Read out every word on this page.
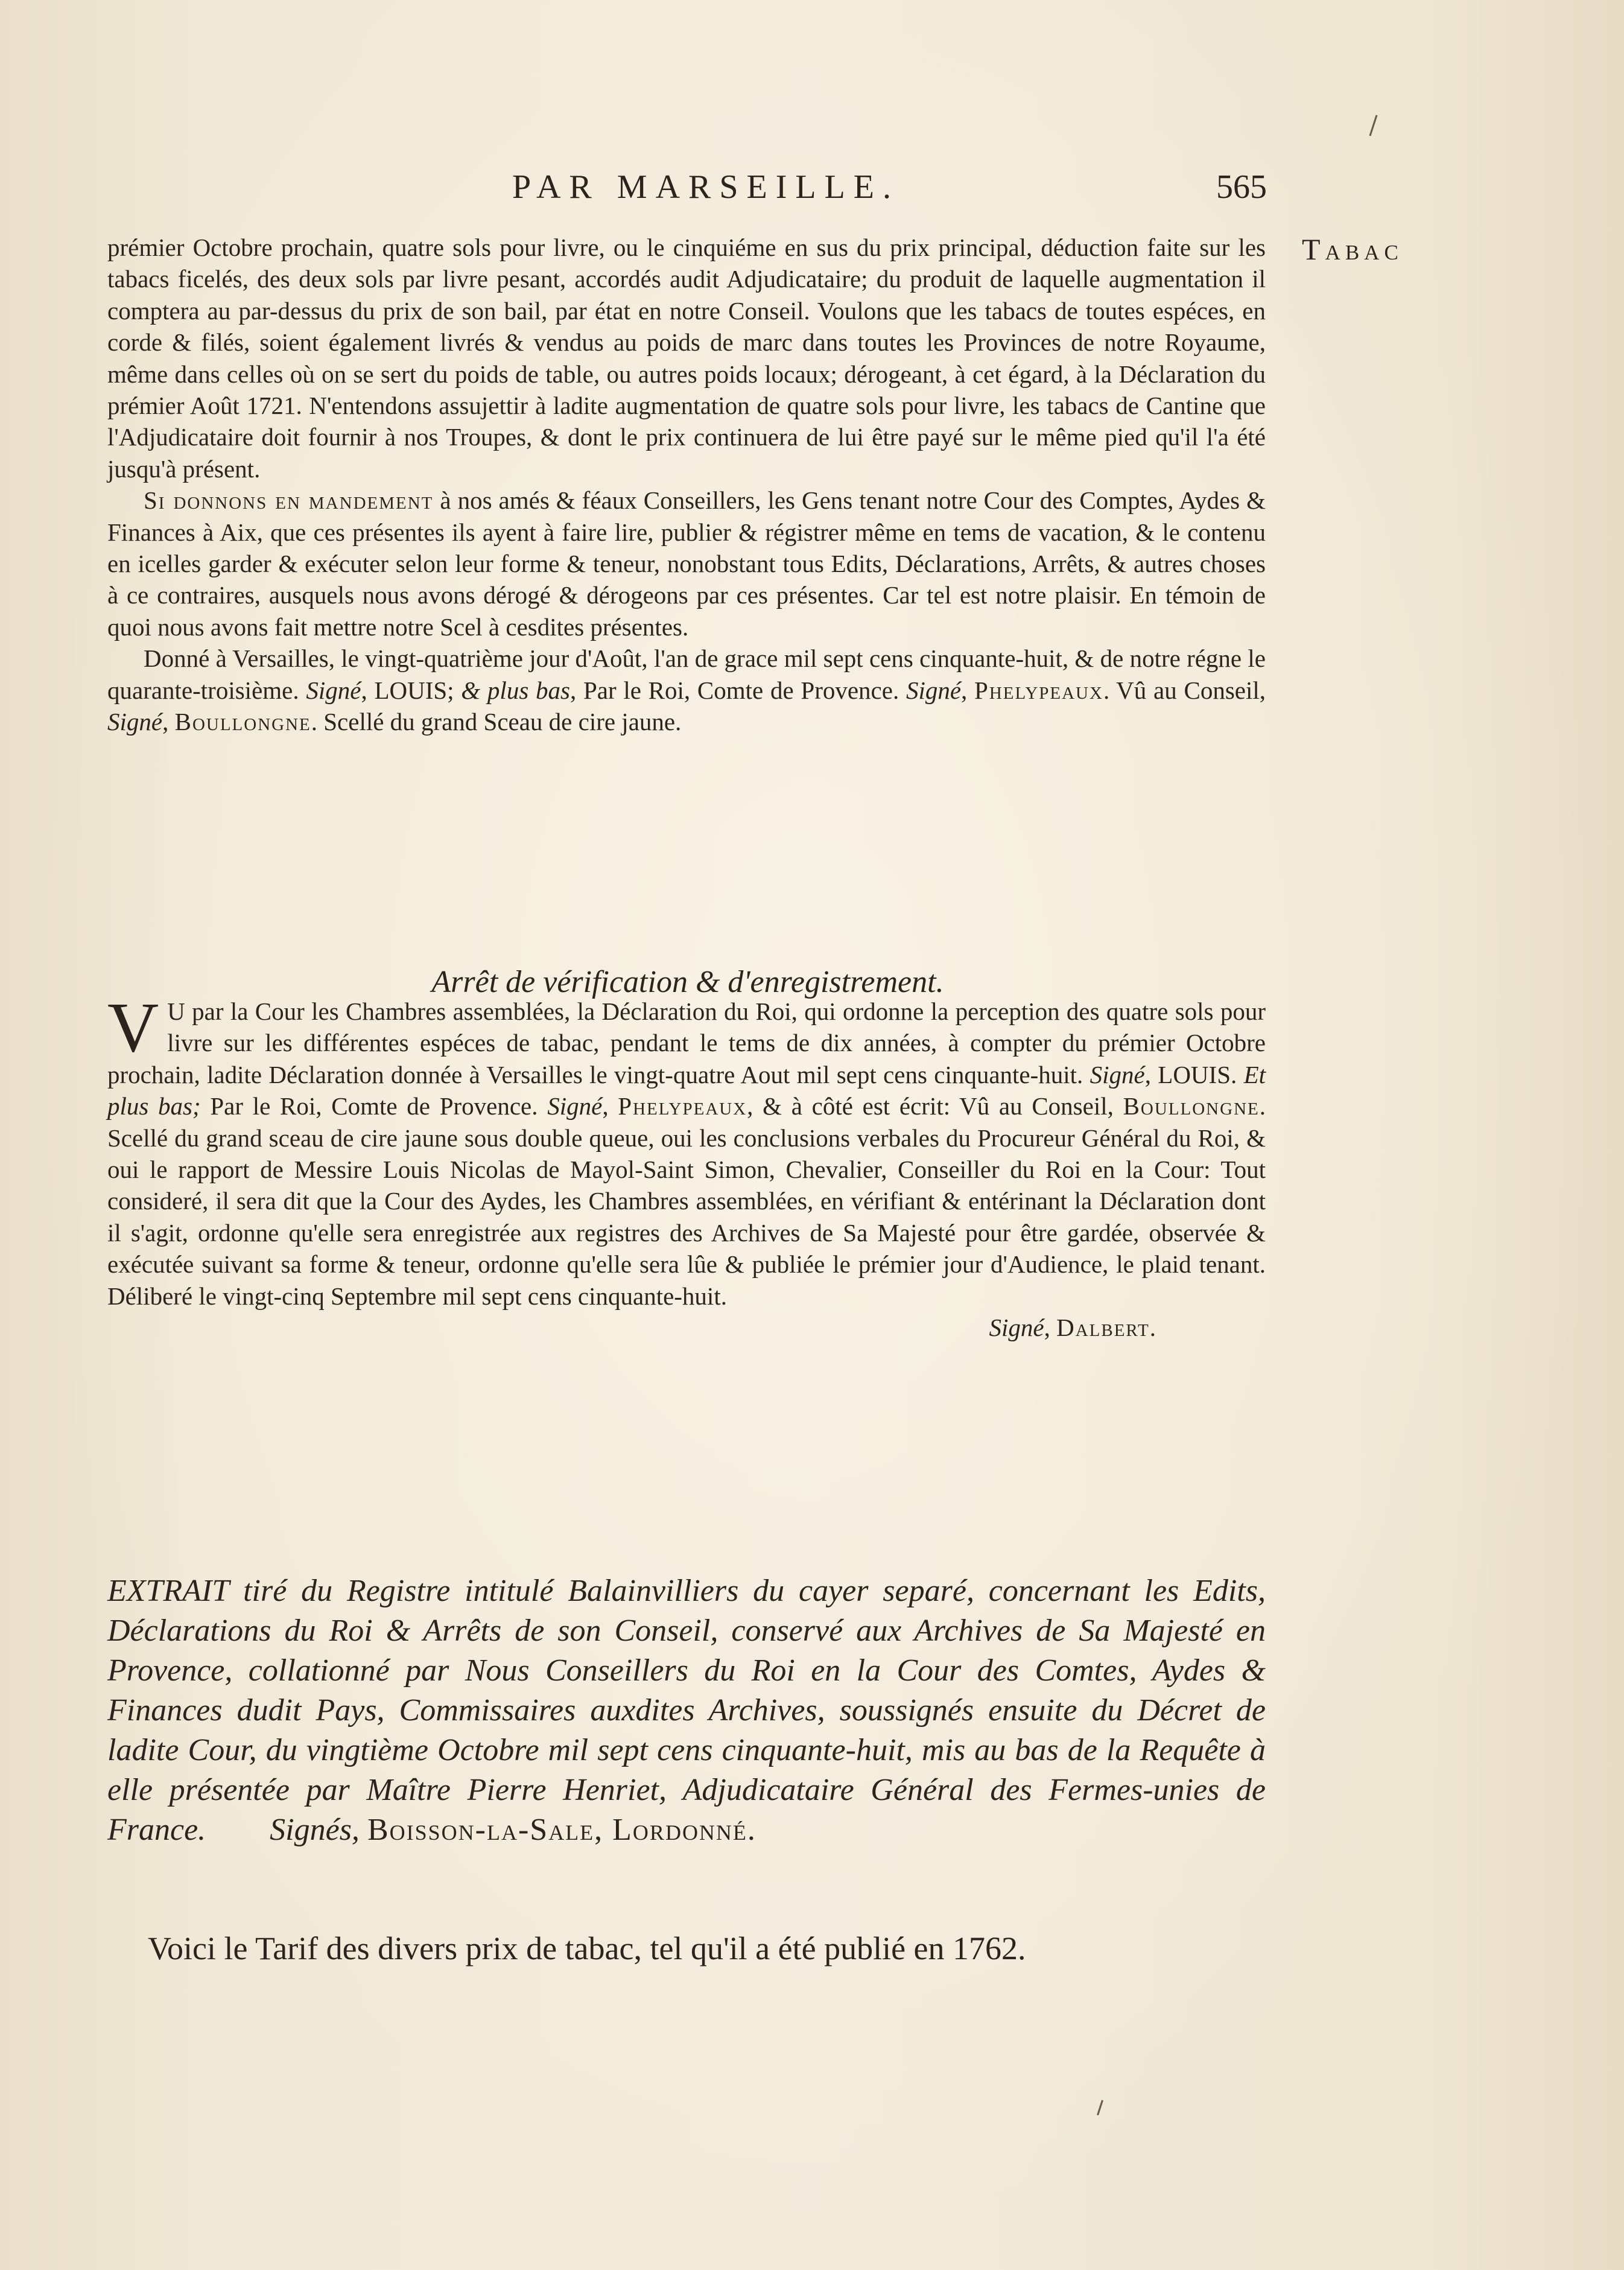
PAR MARSEILLE.	565
Tabac

prémier Octobre prochain, quatre sols pour livre, ou le cinquiéme en sus du prix principal, déduction faite sur les tabacs ficelés, des deux sols par livre pesant, accordés audit Adjudicataire; du produit de laquelle augmentation il comptera au par-dessus du prix de son bail, par état en notre Conseil. Voulons que les tabacs de toutes espéces, en corde & filés, soient également livrés & vendus au poids de marc dans toutes les Provinces de notre Royaume, même dans celles où on se sert du poids de table, ou autres poids locaux; dérogeant, à cet égard, à la Déclaration du prémier Août 1721. N'entendons assujettir à ladite augmentation de quatre sols pour livre, les tabacs de Cantine que l'Adjudicataire doit fournir à nos Troupes, & dont le prix continuera de lui être payé sur le même pied qu'il l'a été jusqu'à présent.

Si donnons en mandement à nos amés & féaux Conseillers, les Gens tenant notre Cour des Comptes, Aydes & Finances à Aix, que ces présentes ils ayent à faire lire, publier & régistrer même en tems de vacation, & le contenu en icelles garder & exécuter selon leur forme & teneur, nonobstant tous Edits, Déclarations, Arrêts, & autres choses à ce contraires, ausquels nous avons dérogé & dérogeons par ces présentes. Car tel est notre plaisir. En témoin de quoi nous avons fait mettre notre Scel à cesdites présentes.

Donné à Versailles, le vingt-quatrième jour d'Août, l'an de grace mil sept cens cinquante-huit, & de notre régne le quarante-troisième. Signé, LOUIS; & plus bas, Par le Roi, Comte de Provence. Signé, Phelypeaux. Vû au Conseil, Signé, Boullongne. Scellé du grand Sceau de cire jaune.

Arrêt de vérification & d'enregistrement.

V U par la Cour les Chambres assemblées, la Déclaration du Roi, qui ordonne la perception des quatre sols pour livre sur les différentes espéces de tabac, pendant le tems de dix années, à compter du prémier Octobre prochain, ladite Déclaration donnée à Versailles le vingt-quatre Aout mil sept cens cinquante-huit. Signé, LOUIS. Et plus bas; Par le Roi, Comte de Provence. Signé, Phelypeaux, & à côté est écrit: Vû au Conseil, Boullongne. Scellé du grand sceau de cire jaune sous double queue, oui les conclusions verbales du Procureur Général du Roi, & oui le rapport de Messire Louis Nicolas de Mayol-Saint Simon, Chevalier, Conseiller du Roi en la Cour: Tout consideré, il sera dit que la Cour des Aydes, les Chambres assemblées, en vérifiant & entérinant la Déclaration dont il s'agit, ordonne qu'elle sera enregistrée aux registres des Archives de Sa Majesté pour être gardée, observée & exécutée suivant sa forme & teneur, ordonne qu'elle sera lûe & publiée le prémier jour d'Audience, le plaid tenant. Déliberé le vingt-cinq Septembre mil sept cens cinquante-huit.

Signé, Dalbert.

EXTRAIT tiré du Registre intitulé Balainvilliers du cayer separé, concernant les Edits, Déclarations du Roi & Arrêts de son Conseil, conservé aux Archives de Sa Majesté en Provence, collationné par Nous Conseillers du Roi en la Cour des Comtes, Aydes & Finances dudit Pays, Commissaires auxdites Archives, soussignés ensuite du Décret de ladite Cour, du vingtième Octobre mil sept cens cinquante-huit, mis au bas de la Requête à elle présentée par Maître Pierre Henriet, Adjudicataire Général des Fermes-unies de France. Signés, Boisson-la-Sale, Lordonné.
Voici le Tarif des divers prix de tabac, tel qu'il a été publié en 1762.
